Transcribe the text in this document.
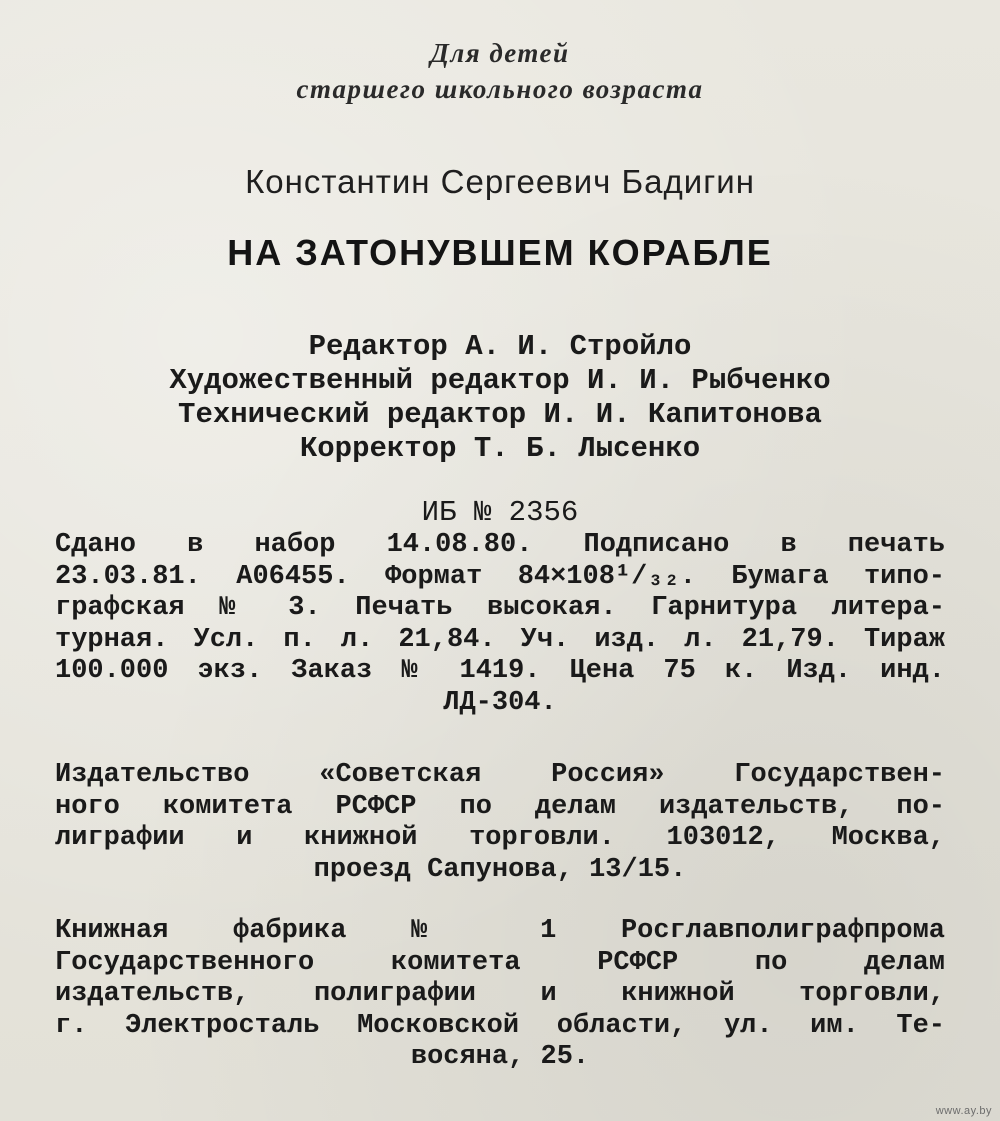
Для детей

старшего школьного возраста

Константин Сергеевич Бадигин

НА ЗАТОНУВШЕМ КОРАБЛЕ

Редактор А. И. Стройло

Художественный редактор И. И. Рыбченко

Технический редактор И. И. Капитонова

Корректор Т. Б. Лысенко

ИБ № 2356

Сдано в набор 14.08.80. Подписано в печать
23.03.81. А06455. Формат 84×108¹/₃₂. Бумага типо-
графская № 3. Печать высокая. Гарнитура литера-
турная. Усл. п. л. 21,84. Уч. изд. л. 21,79. Тираж
100.000 экз. Заказ № 1419. Цена 75 к. Изд. инд.
ЛД-304.
Издательство «Советская Россия» Государствен-
ного комитета РСФСР по делам издательств, по-
лиграфии и книжной торговли. 103012, Москва,
проезд Сапунова, 13/15.
Книжная фабрика № 1 Росглавполиграфпрома
Государственного комитета РСФСР по делам
издательств, полиграфии и книжной торговли,
г. Электросталь Московской области, ул. им. Те-
восяна, 25.
www.ay.by
